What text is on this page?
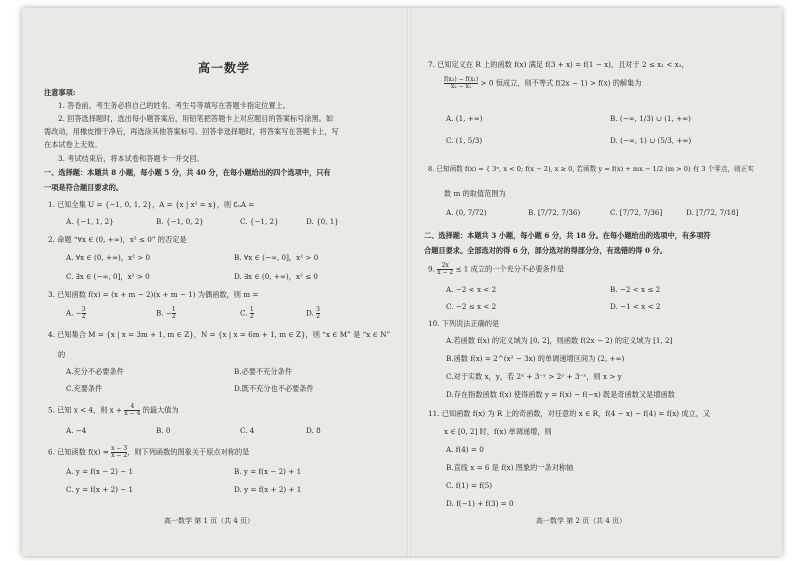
高一数学
注意事项:
1. 答卷前，考生务必将自己的姓名、考生号等填写在答题卡指定位置上。
2. 回答选择题时，选出每小题答案后，用铅笔把答题卡上对应题目的答案标号涂黑。如
需改动，用橡皮擦干净后，再选涂其他答案标号。回答非选择题时，将答案写在答题卡上，写
在本试卷上无效。
3. 考试结束后，将本试卷和答题卡一并交回。
一、选择题：本题共 8 小题，每小题 5 分，共 40 分，在每小题给出的四个选项中，只有
一项是符合题目要求的。
1. 已知全集 U = {−1, 0, 1, 2}，A = {x | x² = x}，则 ∁ᵤA =
A. {−1, 1, 2}	B. {−1, 0, 2}	C. {−1, 2}	D. {0, 1}
2. 命题 “∀x ∈ (0, +∞)，x² ≤ 0” 的否定是
A. ∀x ∈ (0, +∞)，x² > 0	B. ∀x ∈ (−∞, 0]，x² > 0
C. ∃x ∈ (−∞, 0]，x² > 0	D. ∃x ∈ (0, +∞)，x² ≤ 0
3. 已知函数 f(x) = (x + m − 2)(x + m − 1) 为偶函数，则 m =
A. − $\frac{3}{2}$	B. − $\frac{1}{2}$	C. $\frac{1}{2}$	D. $\frac{3}{2}$
4. 已知集合 M = {x | x = 3m + 1, m ∈ Z}，N = {x | x = 6m + 1, m ∈ Z}，则 “x ∈ M” 是 “x ∈ N”
的
A.充分不必要条件	B.必要不充分条件
C.充要条件	D.既不充分也不必要条件
5. 已知 x < 4，则 $x + \frac{4}{x - 4}$ 的最大值为
A. −4	B. 0	C. 4	D. 8
6. 已知函数 $f(x) = \frac{x - 3}{x - 2}$ ，则下列函数的图象关于原点对称的是
A. y = f(x − 2) − 1	B. y = f(x − 2) + 1
C. y = f(x + 2) − 1	D. y = f(x + 2) + 1
高一数学 第 1 页（共 4 页）
7. 已知定义在 R 上的函数 f(x) 满足 f(3 + x) = f(1 − x)，且对于 2 ≤ x₁ < x₂，
$\frac{\text{f(x₂) − f(x₁)}}{\text{x₂ − x₁}} > 0$ 恒成立，则不等式 f(2x − 1) > f(x) 的解集为
A. (1, +∞)	B. (−∞, 1/3) ∪ (1, +∞)
C. (1, 5/3)	D. (−∞, 1) ∪ (5/3, +∞)
8. 已知函数 f(x) = { 3ˣ, x < 0; f(x − 2), x ≥ 0, 若函数 y = f(x) + mx − 1/2 (m > 0) 有 3 个零点，则正实
数 m 的取值范围为
A. (0, 7/72)	B. [7/72, 7/36)	C. [7/72, 7/36]	D. [7/72, 7/18]
二、选择题：本题共 3 小题，每小题 6 分，共 18 分。在每小题给出的选项中，有多项符
合题目要求。全部选对的得 6 分，部分选对的得部分分，有选错的得 0 分。
9. $\frac{2x}{x - 2} \le 1$ 成立的一个充分不必要条件是
A. −2 < x < 2	B. −2 < x ≤ 2
C. −2 ≤ x < 2	D. −1 < x < 2
10. 下列说法正确的是
A.若函数 f(x) 的定义域为 [0, 2]，则函数 f(2x − 2) 的定义域为 [1, 2]
B.函数 f(x) = 2^(x² − 3x) 的单调递增区间为 (2, +∞)
C.对于实数 x，y，若 2ˣ + 3⁻ʸ > 2ʸ + 3⁻ˣ，则 x > y
D.存在指数函数 f(x) 使得函数 y = f(x) − f(−x) 既是奇函数又是增函数
11. 已知函数 f(x) 为 R 上的奇函数，对任意的 x ∈ R，f(4 − x) − f(4) = f(x) 成立，又
x ∈ [0, 2] 时，f(x) 单调递增，则
A. f(4) = 0
B.直线 x = 6 是 f(x) 图象的一条对称轴
C. f(1) = f(5)
D. f(−1) + f(3) = 0
高一数学 第 2 页（共 4 页）
